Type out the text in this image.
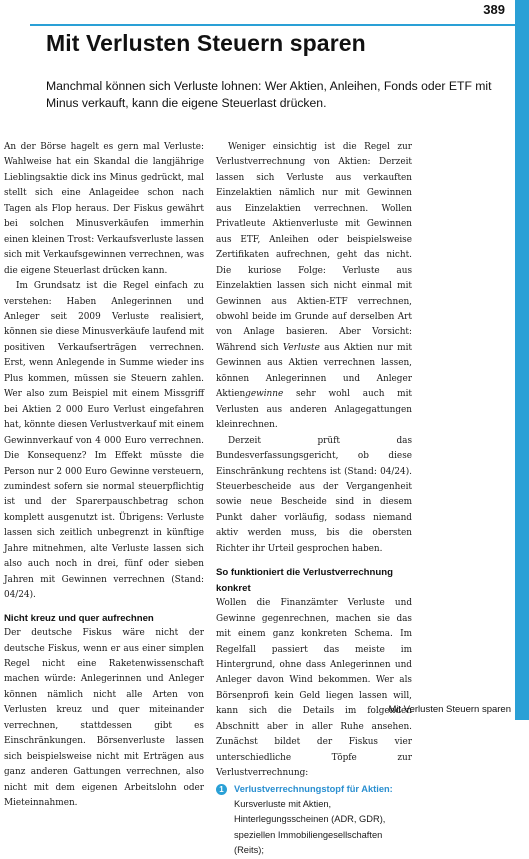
389
Mit Verlusten Steuern sparen

Manchmal können sich Verluste lohnen: Wer Aktien, Anleihen, Fonds oder ETF mit Minus verkauft, kann die eigene Steuerlast drücken.

An der Börse hagelt es gern mal Verluste: Wahlweise hat ein Skandal die langjährige Lieblingsaktie dick ins Minus gedrückt, mal stellt sich eine Anlageidee schon nach Tagen als Flop heraus. Der Fiskus gewährt bei solchen Minusverkäufen immerhin einen kleinen Trost: Verkaufsverluste lassen sich mit Verkaufsgewinnen verrechnen, was die eigene Steuerlast drücken kann.

Im Grundsatz ist die Regel einfach zu verstehen: Haben Anlegerinnen und Anleger seit 2009 Verluste realisiert, können sie diese Minusverkäufe laufend mit positiven Verkaufserträgen verrechnen. Erst, wenn Anlegende in Summe wieder ins Plus kommen, müssen sie Steuern zahlen. Wer also zum Beispiel mit einem Missgriff bei Aktien 2 000 Euro Verlust eingefahren hat, könnte diesen Verlustverkauf mit einem Gewinnverkauf von 4 000 Euro verrechnen. Die Konsequenz? Im Effekt müsste die Person nur 2 000 Euro Gewinne versteuern, zumindest sofern sie normal steuerpflichtig ist und der Sparerpauschbetrag schon komplett ausgenutzt ist. Übrigens: Verluste lassen sich zeitlich unbegrenzt in künftige Jahre mitnehmen, alte Verluste lassen sich also auch noch in drei, fünf oder sieben Jahren mit Gewinnen verrechnen (Stand: 04/24).

Nicht kreuz und quer aufrechnen

Der deutsche Fiskus wäre nicht der deutsche Fiskus, wenn er aus einer simplen Regel nicht eine Raketenwissenschaft machen würde: Anlegerinnen und Anleger können nämlich nicht alle Arten von Verlusten kreuz und quer miteinander verrechnen, stattdessen gibt es Einschränkungen. Börsenverluste lassen sich beispielsweise nicht mit Erträgen aus ganz anderen Gattungen verrechnen, also nicht mit dem eigenen Arbeitslohn oder Mieteinnahmen.

Weniger einsichtig ist die Regel zur Verlustverrechnung von Aktien: Derzeit lassen sich Verluste aus verkauften Einzelaktien nämlich nur mit Gewinnen aus Einzelaktien verrechnen. Wollen Privatleute Aktienverluste mit Gewinnen aus ETF, Anleihen oder beispielsweise Zertifikaten aufrechnen, geht das nicht. Die kuriose Folge: Verluste aus Einzelaktien lassen sich nicht einmal mit Gewinnen aus Aktien-ETF verrechnen, obwohl beide im Grunde auf derselben Art von Anlage basieren. Aber Vorsicht: Während sich Verluste aus Aktien nur mit Gewinnen aus Aktien verrechnen lassen, können Anlegerinnen und Anleger Aktiengewinne sehr wohl auch mit Verlusten aus anderen Anlagegattungen kleinrechnen.

Derzeit prüft das Bundesverfassungsgericht, ob diese Einschränkung rechtens ist (Stand: 04/24). Steuerbescheide aus der Vergangenheit sowie neue Bescheide sind in diesem Punkt daher vorläufig, sodass niemand aktiv werden muss, bis die obersten Richter ihr Urteil gesprochen haben.

So funktioniert die Verlustverrechnung konkret

Wollen die Finanzämter Verluste und Gewinne gegenrechnen, machen sie das mit einem ganz konkreten Schema. Im Regelfall passiert das meiste im Hintergrund, ohne dass Anlegerinnen und Anleger davon Wind bekommen. Wer als Börsenprofi kein Geld liegen lassen will, kann sich die Details im folgenden Abschnitt aber in aller Ruhe ansehen. Zunächst bildet der Fiskus vier unterschiedliche Töpfe zur Verlustverrechnung:

1	Verlustverrechnungstopf für Aktien:
Kursverluste mit Aktien, Hinterlegungsscheinen (ADR, GDR), speziellen Immobiliengesellschaften (Reits);
Mit Verlusten Steuern sparen
